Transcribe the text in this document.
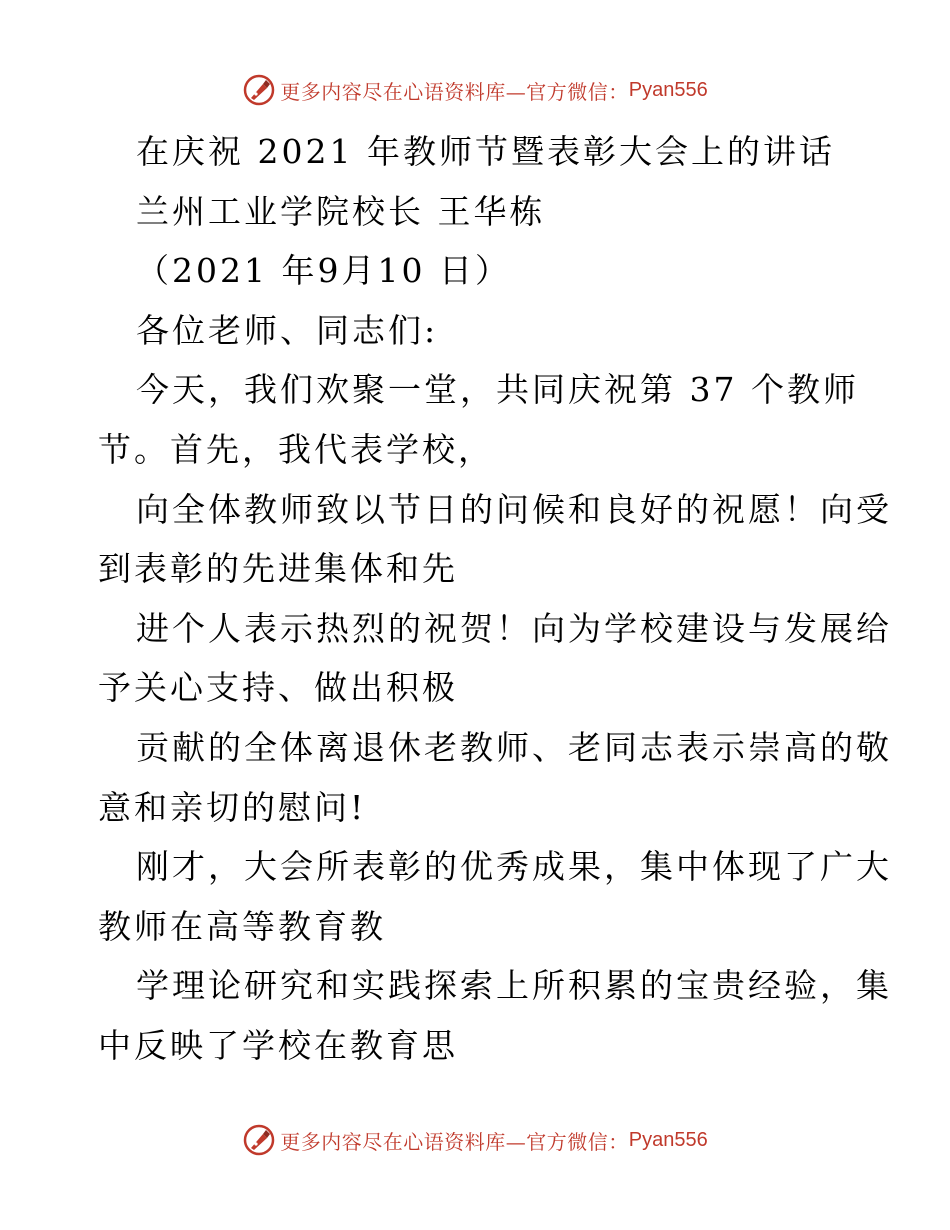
更多内容尽在心语资料库—官方微信： Pyan556

在庆祝 2021 年教师节暨表彰大会上的讲话

兰州工业学院校长 王华栋

（2021 年9月10 日）

各位老师、同志们:

今天，我们欢聚一堂，共同庆祝第 37 个教师

节。首先，我代表学校，

向全体教师致以节日的问候和良好的祝愿！向受

到表彰的先进集体和先

进个人表示热烈的祝贺！向为学校建设与发展给

予关心支持、做出积极

贡献的全体离退休老教师、老同志表示崇高的敬

意和亲切的慰问!

刚才，大会所表彰的优秀成果，集中体现了广大

教师在高等教育教

学理论研究和实践探索上所积累的宝贵经验，集

中反映了学校在教育思

更多内容尽在心语资料库—官方微信： Pyan556
